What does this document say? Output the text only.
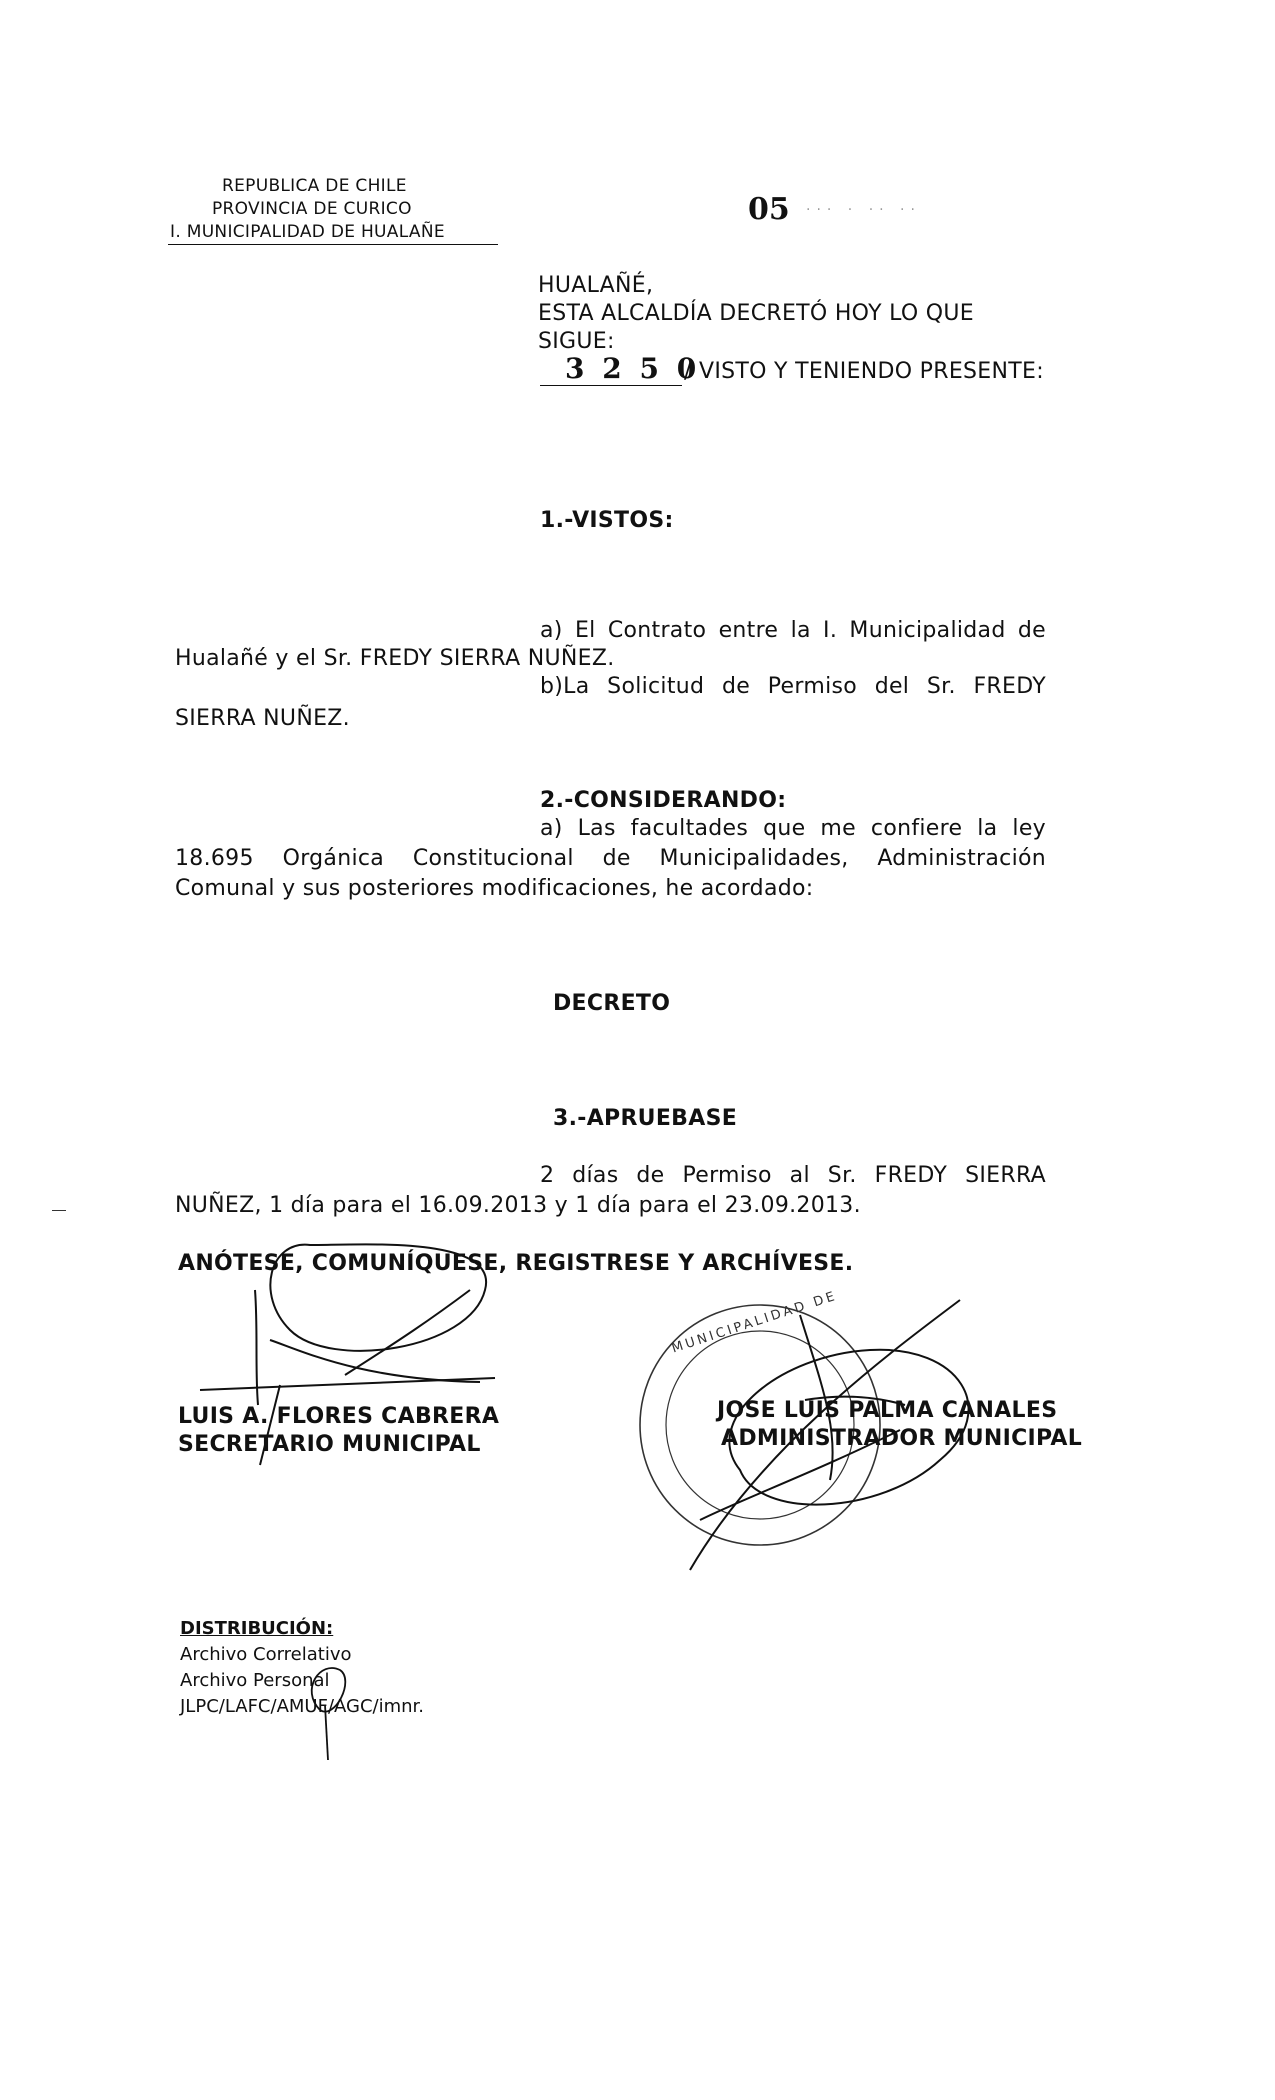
REPUBLICA DE CHILE
PROVINCIA DE CURICO
I. MUNICIPALIDAD DE HUALAÑE
05 ··· · ·· ··
HUALAÑÉ,
ESTA ALCALDÍA DECRETÓ HOY LO QUE
SIGUE:
3 2 5 0
/ VISTO Y TENIENDO PRESENTE:
1.-VISTOS:
a) El Contrato entre la I. Municipalidad de
Hualañé y el Sr. FREDY SIERRA NUÑEZ.
b)La Solicitud de Permiso del Sr. FREDY
SIERRA NUÑEZ.
2.-CONSIDERANDO:
a) Las facultades que me confiere la ley
18.695 Orgánica Constitucional de Municipalidades, Administración
Comunal y sus posteriores modificaciones, he acordado:
DECRETO
3.-APRUEBASE
2 días de Permiso al Sr. FREDY SIERRA
NUÑEZ, 1 día para el 16.09.2013 y 1 día para el 23.09.2013.
ANÓTESE, COMUNÍQUESE, REGISTRESE Y ARCHÍVESE.
MUNICIPALIDAD DE
LUIS A. FLORES CABRERA
SECRETARIO MUNICIPAL
JOSE LUIS PALMA CANALES
ADMINISTRADOR MUNICIPAL
DISTRIBUCIÓN:
Archivo Correlativo
Archivo Personal
JLPC/LAFC/AMUF/AGC/imnr.
